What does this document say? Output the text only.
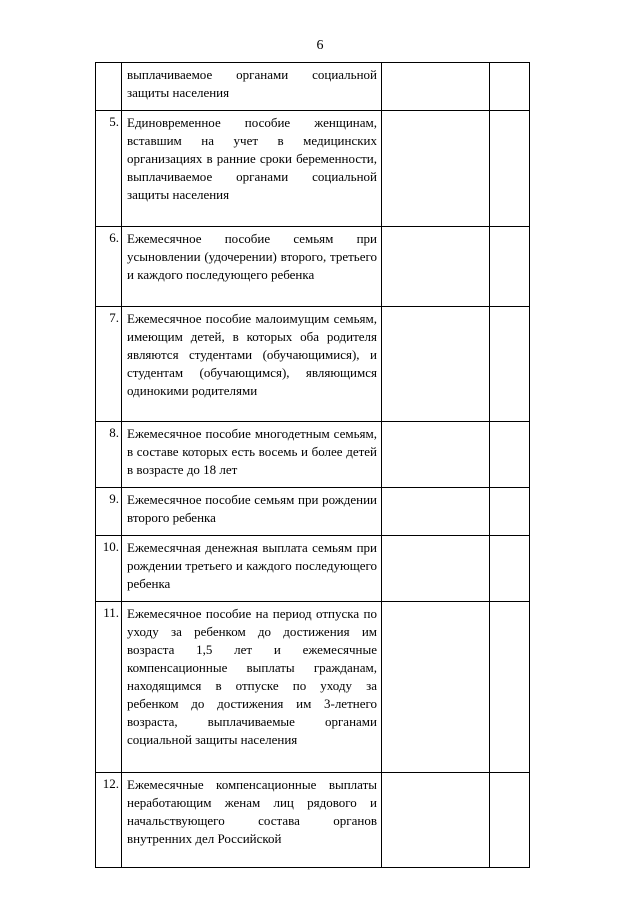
6

	выплачиваемое органами социальной защиты населения		

5.	Единовременное пособие женщинам, вставшим на учет в медицинских организациях в ранние сроки беременности, выплачиваемое органами социальной защиты населения		

6.	Ежемесячное пособие семьям при усыновлении (удочерении) второго, третьего и каждого последующего ребенка		

7.	Ежемесячное пособие малоимущим семьям, имеющим детей, в которых оба родителя являются студентами (обучающимися), и студентам (обучающимся), являющимся одинокими родителями		

8.	Ежемесячное пособие многодетным семьям, в составе которых есть восемь и более детей в возрасте до 18 лет		

9.	Ежемесячное пособие семьям при рождении второго ребенка		

10.	Ежемесячная денежная выплата семьям при рождении третьего и каждого последующего ребенка		

11.	Ежемесячное пособие на период отпуска по уходу за ребенком до достижения им возраста 1,5 лет и ежемесячные компенсационные выплаты гражданам, находящимся в отпуске по уходу за ребенком до достижения им 3-летнего возраста, выплачиваемые органами социальной защиты населения		

12.	Ежемесячные компенсационные выплаты неработающим женам лиц рядового и начальствующего состава органов внутренних дел Российской		
